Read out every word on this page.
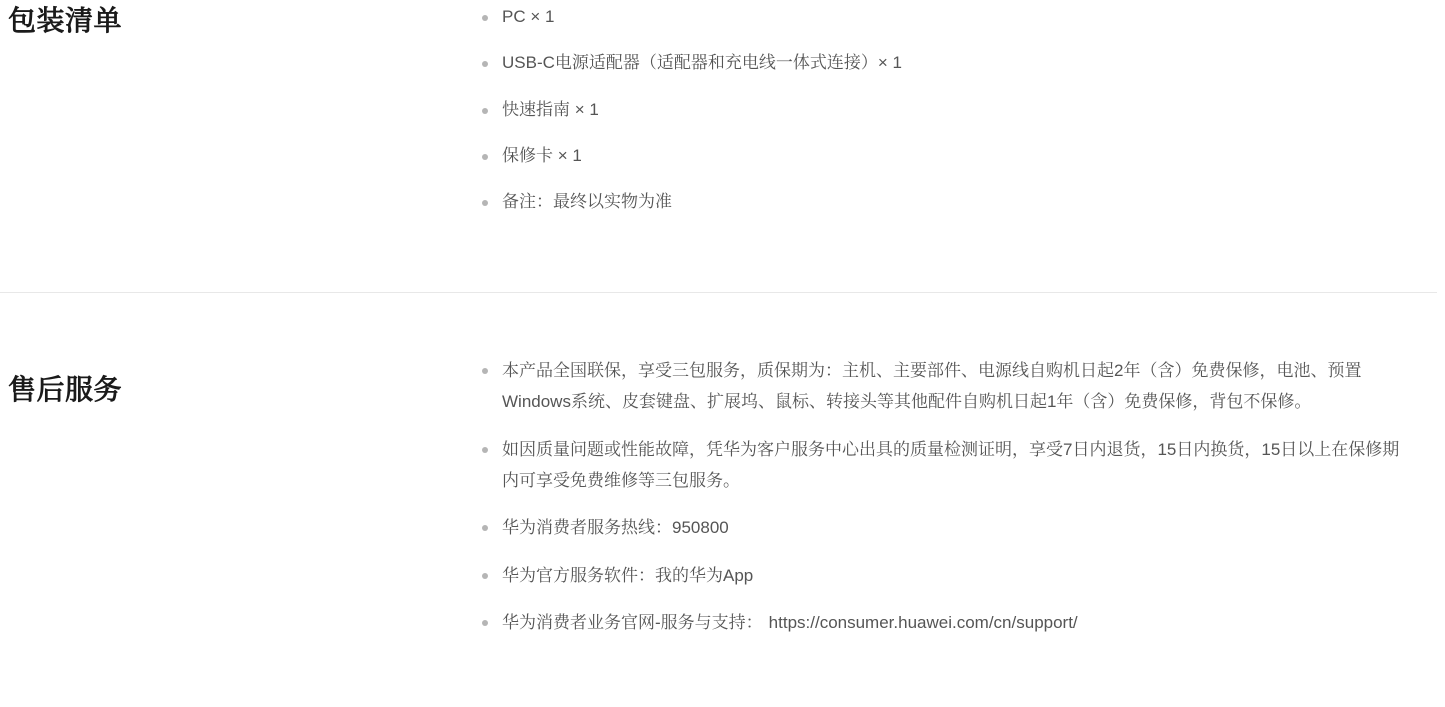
包装清单	PC × 1
USB-C电源适配器（适配器和充电线一体式连接）× 1
快速指南 × 1
保修卡 × 1
备注：最终以实物为准
售后服务
本产品全国联保，享受三包服务，质保期为：主机、主要部件、电源线自购机日起2年（含）免费保修，电池、预置Windows系统、皮套键盘、扩展坞、鼠标、转接头等其他配件自购机日起1年（含）免费保修，背包不保修。
如因质量问题或性能故障，凭华为客户服务中心出具的质量检测证明，享受7日内退货，15日内换货，15日以上在保修期内可享受免费维修等三包服务。
华为消费者服务热线：950800
华为官方服务软件：我的华为App
华为消费者业务官网-服务与支持： https://consumer.huawei.com/cn/support/
